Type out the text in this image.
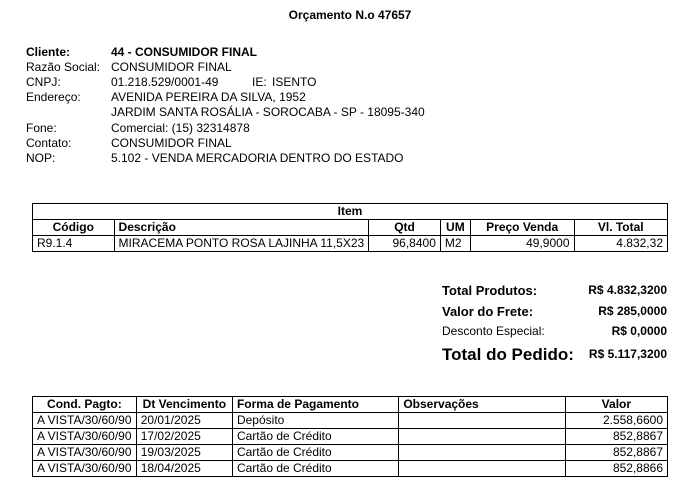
Orçamento N.o 47657
Cliente:	44 - CONSUMIDOR FINAL
Razão Social: CONSUMIDOR FINAL
CNPJ:	01.218.529/0001-49	IE: ISENTO
Endereço:	AVENIDA PEREIRA DA SILVA, 1952
JARDIM SANTA ROSÁLIA - SOROCABA - SP - 18095-340
Fone:	Comercial: (15) 32314878
Contato:	CONSUMIDOR FINAL
NOP:	5.102 - VENDA MERCADORIA DENTRO DO ESTADO
Item					
Código	Descrição	Qtd	UM	Preço Venda	Vl. Total
R9.1.4	MIRACEMA PONTO ROSA LAJINHA 11,5X23	96,8400	M2	49,9000	4.832,32
Total Produtos:	R$ 4.832,3200
Valor do Frete:	R$ 285,0000
Desconto Especial:	R$ 0,0000
Total do Pedido: R$ 5.117,3200
Cond. Pagto:	Dt Vencimento	Forma de Pagamento	Observações	Valor
A VISTA/30/60/90	20/01/2025	Depósito		2.558,6600
A VISTA/30/60/90	17/02/2025	Cartão de Crédito		852,8867
A VISTA/30/60/90	19/03/2025	Cartão de Crédito		852,8867
A VISTA/30/60/90	18/04/2025	Cartão de Crédito		852,8866
